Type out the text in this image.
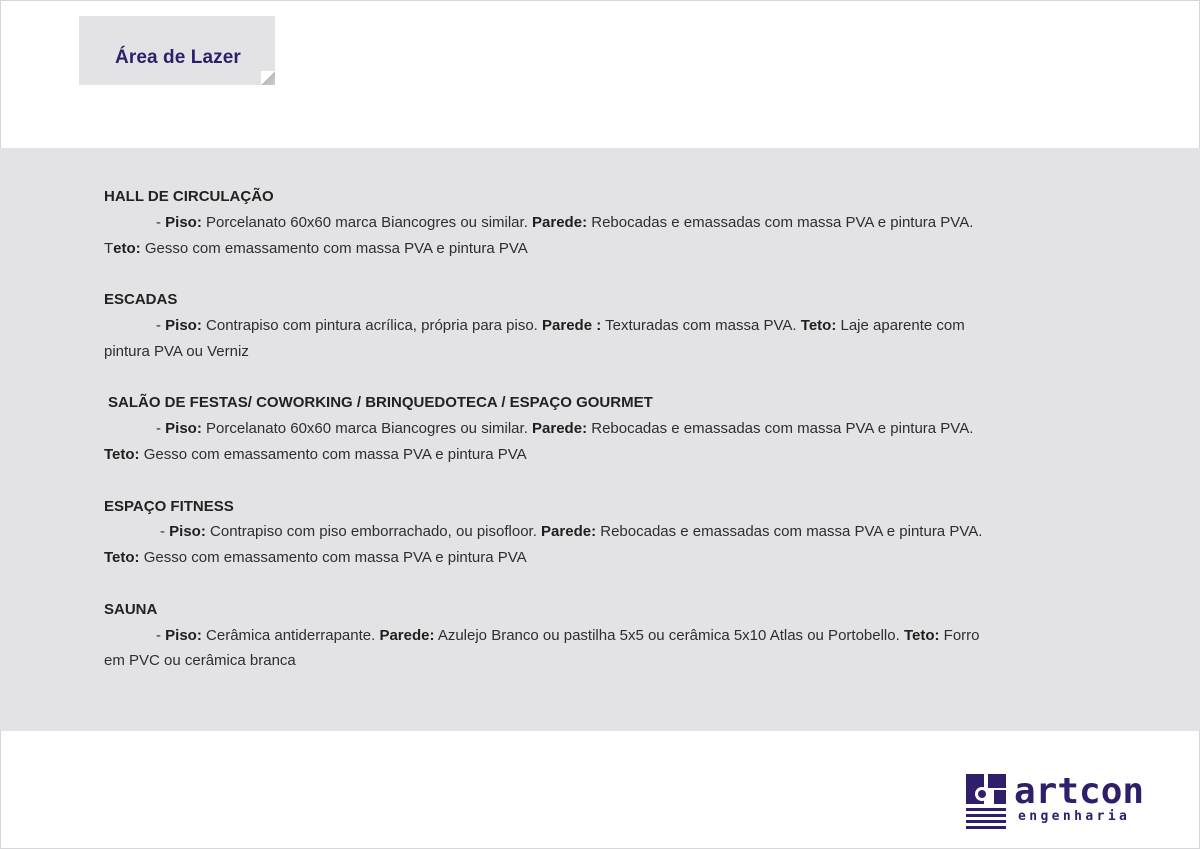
Área de Lazer
HALL DE CIRCULAÇÃO
- Piso: Porcelanato 60x60 marca Biancogres ou similar. Parede: Rebocadas e emassadas com massa PVA e pintura PVA. Teto: Gesso com emassamento com massa PVA e pintura PVA
ESCADAS
- Piso: Contrapiso com pintura acrílica, própria para piso. Parede : Texturadas com massa PVA. Teto: Laje aparente com pintura PVA ou Verniz
SALÃO DE FESTAS/ COWORKING / BRINQUEDOTECA / ESPAÇO GOURMET
- Piso: Porcelanato 60x60 marca Biancogres ou similar. Parede: Rebocadas e emassadas com massa PVA e pintura PVA. Teto: Gesso com emassamento com massa PVA e pintura PVA
ESPAÇO FITNESS
- Piso: Contrapiso com piso emborrachado, ou pisofloor. Parede: Rebocadas e emassadas com massa PVA e pintura PVA. Teto: Gesso com emassamento com massa PVA e pintura PVA
SAUNA
- Piso: Cerâmica antiderrapante. Parede: Azulejo Branco ou pastilha 5x5 ou cerâmica 5x10 Atlas ou Portobello. Teto: Forro em PVC ou cerâmica branca
artcon
engenharia
